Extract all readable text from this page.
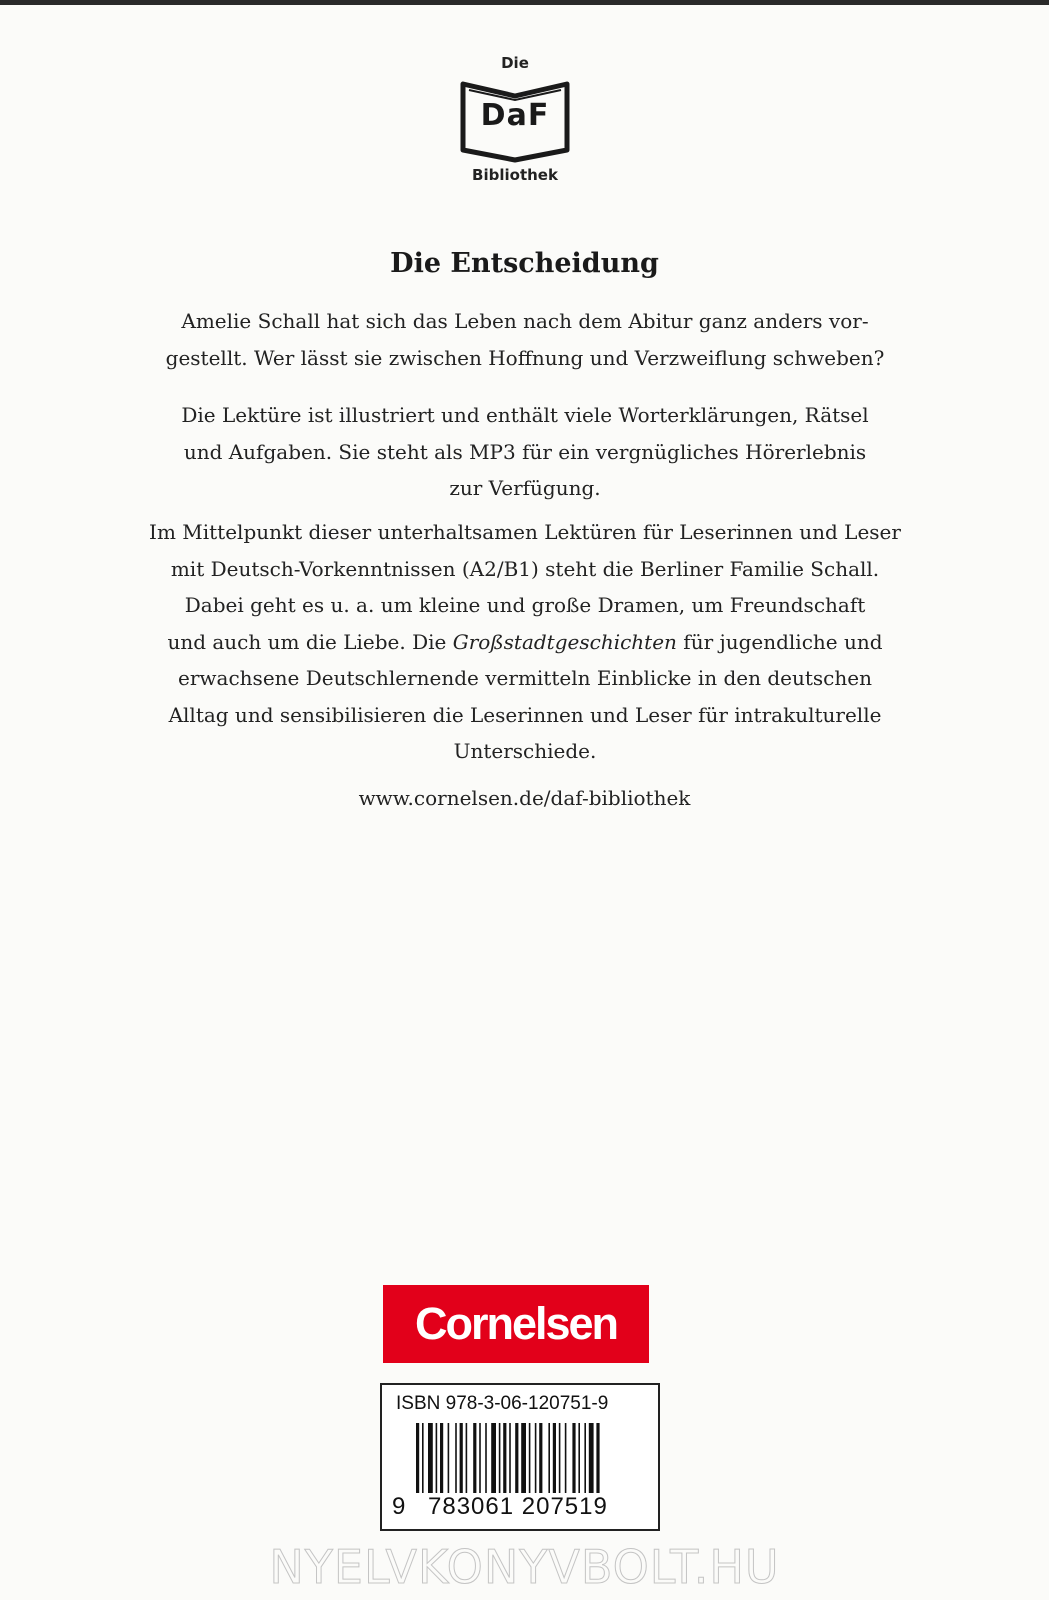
Die
DaF
Bibliothek
Die Entscheidung

Amelie Schall hat sich das Leben nach dem Abitur ganz anders vor-
gestellt. Wer lässt sie zwischen Hoffnung und Verzweiflung schweben?

Die Lektüre ist illustriert und enthält viele Worterklärungen, Rätsel
und Aufgaben. Sie steht als MP3 für ein vergnügliches Hörerlebnis
zur Verfügung.

Im Mittelpunkt dieser unterhaltsamen Lektüren für Leserinnen und Leser
mit Deutsch-Vorkenntnissen (A2/B1) steht die Berliner Familie Schall.
Dabei geht es u. a. um kleine und große Dramen, um Freundschaft
und auch um die Liebe. Die Großstadtgeschichten für jugendliche und
erwachsene Deutschlernende vermitteln Einblicke in den deutschen
Alltag und sensibilisieren die Leserinnen und Leser für intrakulturelle
Unterschiede.

www.cornelsen.de/daf-bibliothek
Cornelsen
ISBN 978-3-06-120751-9
9 783061 207519
NYELVKONYVBOLT.HU
